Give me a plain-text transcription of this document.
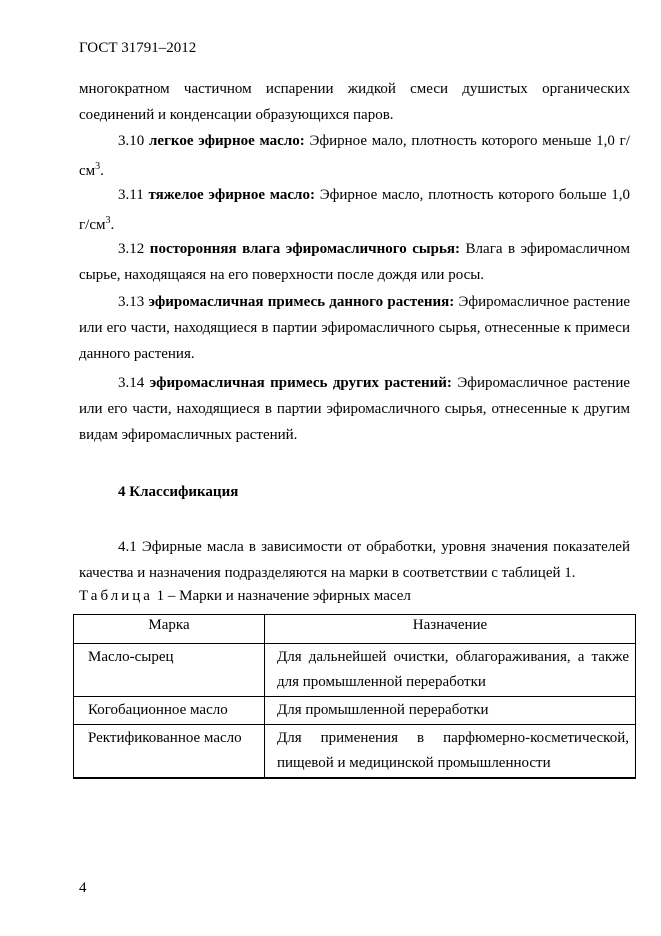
ГОСТ 31791–2012
многократном частичном испарении жидкой смеси душистых органических соединений и конденсации образующихся паров.
3.10 легкое эфирное масло: Эфирное мало, плотность которого меньше 1,0 $г/см^3$.
3.11 тяжелое эфирное масло: Эфирное масло, плотность которого больше 1,0 $г/см^3$.
3.12 посторонняя влага эфиромасличного сырья: Влага в эфиромасличном сырье, находящаяся на его поверхности после дождя или росы.
3.13 эфиромасличная примесь данного растения: Эфиромасличное растение или его части, находящиеся в партии эфиромасличного сырья, отнесенные к примеси данного растения.
3.14 эфиромасличная примесь других растений: Эфиромасличное растение или его части, находящиеся в партии эфиромасличного сырья, отнесенные к другим видам эфиромасличных растений.
4 Классификация
4.1 Эфирные масла в зависимости от обработки, уровня значения показателей качества и назначения подразделяются на марки в соответствии с таблицей 1.
Таблица 1 – Марки и назначение эфирных масел
Марка	Назначение
Масло-сырец	Для дальнейшей очистки, облагораживания, а также для промышленной переработки
Когобационное масло	Для промышленной переработки
Ректификованное масло	Для применения в парфюмерно-косметической, пищевой и медицинской промышленности
4
